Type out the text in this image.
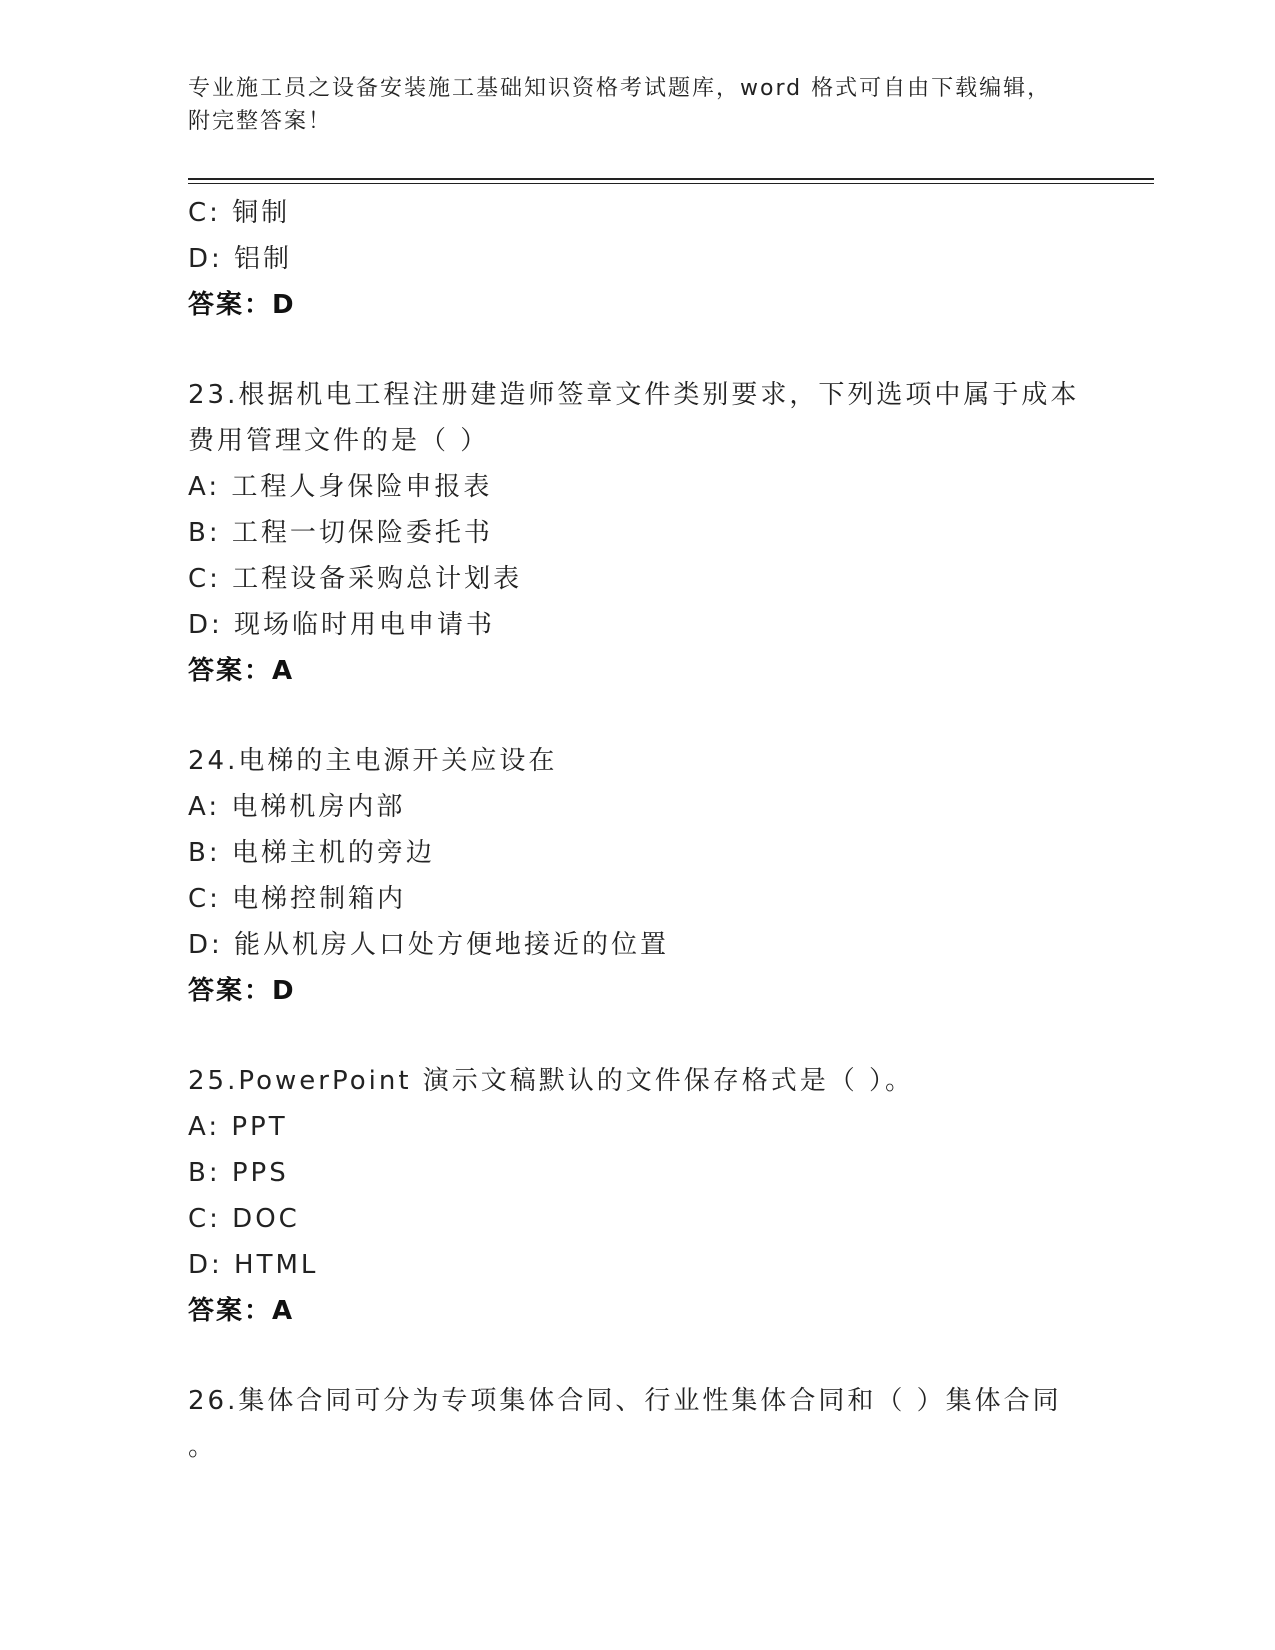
专业施工员之设备安装施工基础知识资格考试题库，word 格式可自由下载编辑，
附完整答案！
C: 铜制
D: 铝制
答案：D
23.根据机电工程注册建造师签章文件类别要求，下列选项中属于成本
费用管理文件的是（ ）
A: 工程人身保险申报表
B: 工程一切保险委托书
C: 工程设备采购总计划表
D: 现场临时用电申请书
答案：A
24.电梯的主电源开关应设在
A: 电梯机房内部
B: 电梯主机的旁边
C: 电梯控制箱内
D: 能从机房人口处方便地接近的位置
答案：D
25.PowerPoint 演示文稿默认的文件保存格式是（ ）。
A: PPT
B: PPS
C: DOC
D: HTML
答案：A
26.集体合同可分为专项集体合同、行业性集体合同和（ ）集体合同
。
